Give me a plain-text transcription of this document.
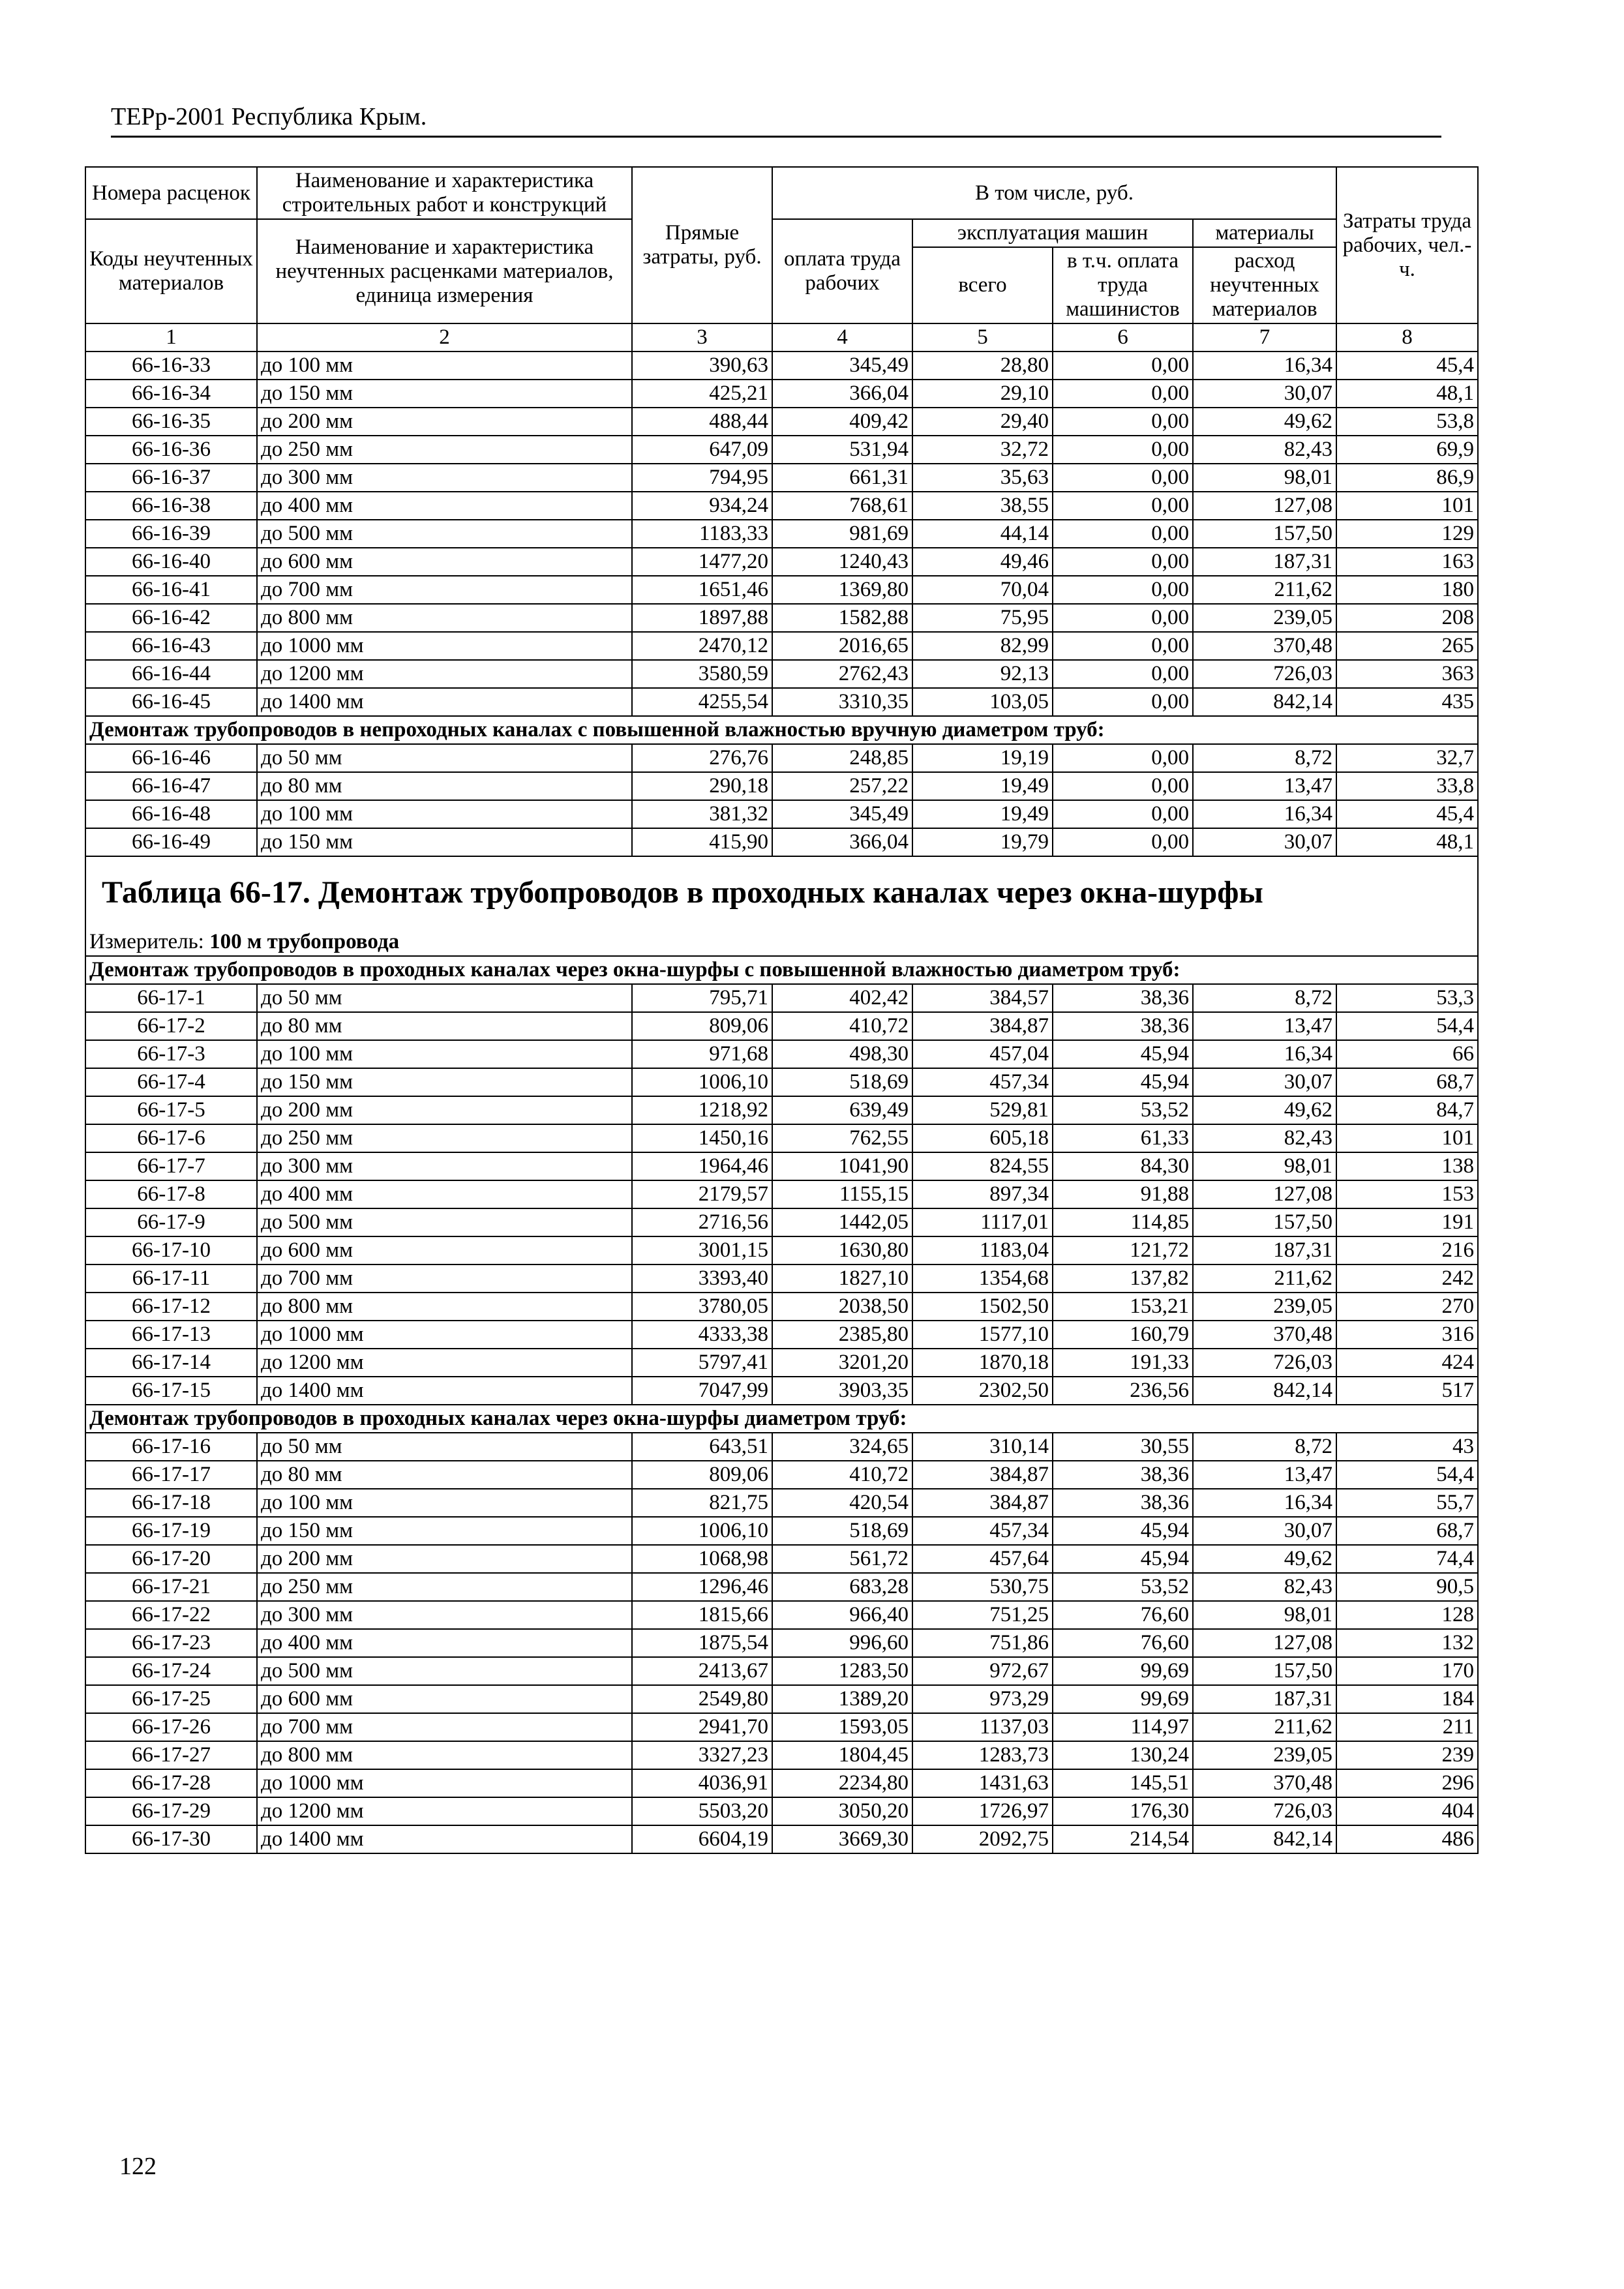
ТЕРр-2001 Республика Крым.
Номера расценок	Наименование и характеристика строительных работ и конструкций	Прямые затраты, руб.	В том числе, руб.				Затраты труда рабочих, чел.-ч.
Коды неучтенных материалов	Наименование и характеристика неучтенных расценками материалов, единица измерения		оплата труда рабочих	эксплуатация машин		материалы	
				всего	в т.ч. оплата труда машинистов	расход неучтенных материалов	
1	2	3	4	5	6	7	8
66-16-33	до 100 мм	390,63	345,49	28,80	0,00	16,34	45,4
66-16-34	до 150 мм	425,21	366,04	29,10	0,00	30,07	48,1
66-16-35	до 200 мм	488,44	409,42	29,40	0,00	49,62	53,8
66-16-36	до 250 мм	647,09	531,94	32,72	0,00	82,43	69,9
66-16-37	до 300 мм	794,95	661,31	35,63	0,00	98,01	86,9
66-16-38	до 400 мм	934,24	768,61	38,55	0,00	127,08	101
66-16-39	до 500 мм	1183,33	981,69	44,14	0,00	157,50	129
66-16-40	до 600 мм	1477,20	1240,43	49,46	0,00	187,31	163
66-16-41	до 700 мм	1651,46	1369,80	70,04	0,00	211,62	180
66-16-42	до 800 мм	1897,88	1582,88	75,95	0,00	239,05	208
66-16-43	до 1000 мм	2470,12	2016,65	82,99	0,00	370,48	265
66-16-44	до 1200 мм	3580,59	2762,43	92,13	0,00	726,03	363
66-16-45	до 1400 мм	4255,54	3310,35	103,05	0,00	842,14	435
Демонтаж трубопроводов в непроходных каналах с повышенной влажностью вручную диаметром труб:							
66-16-46	до 50 мм	276,76	248,85	19,19	0,00	8,72	32,7
66-16-47	до 80 мм	290,18	257,22	19,49	0,00	13,47	33,8
66-16-48	до 100 мм	381,32	345,49	19,49	0,00	16,34	45,4
66-16-49	до 150 мм	415,90	366,04	19,79	0,00	30,07	48,1

Таблица 66-17. Демонтаж трубопроводов в проходных каналах через окна-шурфы							

Измеритель: 100 м трубопровода							
Демонтаж трубопроводов в проходных каналах через окна-шурфы с повышенной влажностью диаметром труб:							
66-17-1	до 50 мм	795,71	402,42	384,57	38,36	8,72	53,3
66-17-2	до 80 мм	809,06	410,72	384,87	38,36	13,47	54,4
66-17-3	до 100 мм	971,68	498,30	457,04	45,94	16,34	66
66-17-4	до 150 мм	1006,10	518,69	457,34	45,94	30,07	68,7
66-17-5	до 200 мм	1218,92	639,49	529,81	53,52	49,62	84,7
66-17-6	до 250 мм	1450,16	762,55	605,18	61,33	82,43	101
66-17-7	до 300 мм	1964,46	1041,90	824,55	84,30	98,01	138
66-17-8	до 400 мм	2179,57	1155,15	897,34	91,88	127,08	153
66-17-9	до 500 мм	2716,56	1442,05	1117,01	114,85	157,50	191
66-17-10	до 600 мм	3001,15	1630,80	1183,04	121,72	187,31	216
66-17-11	до 700 мм	3393,40	1827,10	1354,68	137,82	211,62	242
66-17-12	до 800 мм	3780,05	2038,50	1502,50	153,21	239,05	270
66-17-13	до 1000 мм	4333,38	2385,80	1577,10	160,79	370,48	316
66-17-14	до 1200 мм	5797,41	3201,20	1870,18	191,33	726,03	424
66-17-15	до 1400 мм	7047,99	3903,35	2302,50	236,56	842,14	517
Демонтаж трубопроводов в проходных каналах через окна-шурфы диаметром труб:							
66-17-16	до 50 мм	643,51	324,65	310,14	30,55	8,72	43
66-17-17	до 80 мм	809,06	410,72	384,87	38,36	13,47	54,4
66-17-18	до 100 мм	821,75	420,54	384,87	38,36	16,34	55,7
66-17-19	до 150 мм	1006,10	518,69	457,34	45,94	30,07	68,7
66-17-20	до 200 мм	1068,98	561,72	457,64	45,94	49,62	74,4
66-17-21	до 250 мм	1296,46	683,28	530,75	53,52	82,43	90,5
66-17-22	до 300 мм	1815,66	966,40	751,25	76,60	98,01	128
66-17-23	до 400 мм	1875,54	996,60	751,86	76,60	127,08	132
66-17-24	до 500 мм	2413,67	1283,50	972,67	99,69	157,50	170
66-17-25	до 600 мм	2549,80	1389,20	973,29	99,69	187,31	184
66-17-26	до 700 мм	2941,70	1593,05	1137,03	114,97	211,62	211
66-17-27	до 800 мм	3327,23	1804,45	1283,73	130,24	239,05	239
66-17-28	до 1000 мм	4036,91	2234,80	1431,63	145,51	370,48	296
66-17-29	до 1200 мм	5503,20	3050,20	1726,97	176,30	726,03	404
66-17-30	до 1400 мм	6604,19	3669,30	2092,75	214,54	842,14	486
122
